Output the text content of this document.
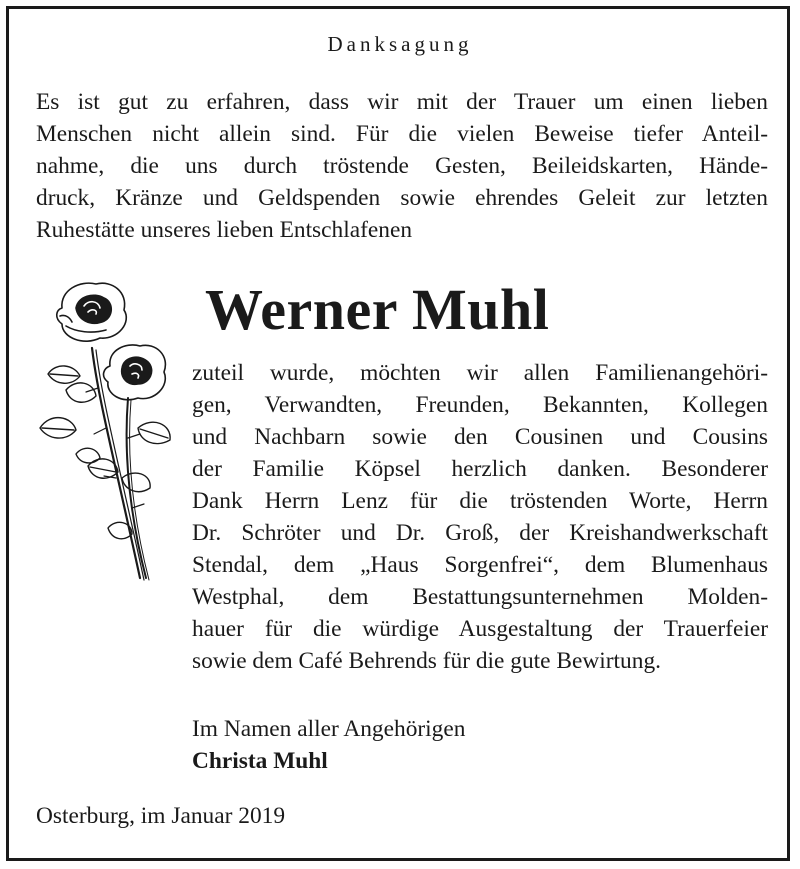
Danksagung

Es ist gut zu erfahren, dass wir mit der Trauer um einen lieben
Menschen nicht allein sind. Für die vielen Beweise tiefer Anteil-
nahme, die uns durch tröstende Gesten, Beileidskarten, Hände-
druck, Kränze und Geldspenden sowie ehrendes Geleit zur letzten
Ruhestätte unseres lieben Entschlafenen

Werner Muhl

zuteil wurde, möchten wir allen Familienangehöri-
gen, Verwandten, Freunden, Bekannten, Kollegen
und Nachbarn sowie den Cousinen und Cousins
der Familie Köpsel herzlich danken. Besonderer
Dank Herrn Lenz für die tröstenden Worte, Herrn
Dr. Schröter und Dr. Groß, der Kreishandwerkschaft
Stendal, dem „Haus Sorgenfrei“, dem Blumenhaus
Westphal, dem Bestattungsunternehmen Molden-
hauer für die würdige Ausgestaltung der Trauerfeier
sowie dem Café Behrends für die gute Bewirtung.

Im Namen aller Angehörigen

Christa Muhl

Osterburg, im Januar 2019
